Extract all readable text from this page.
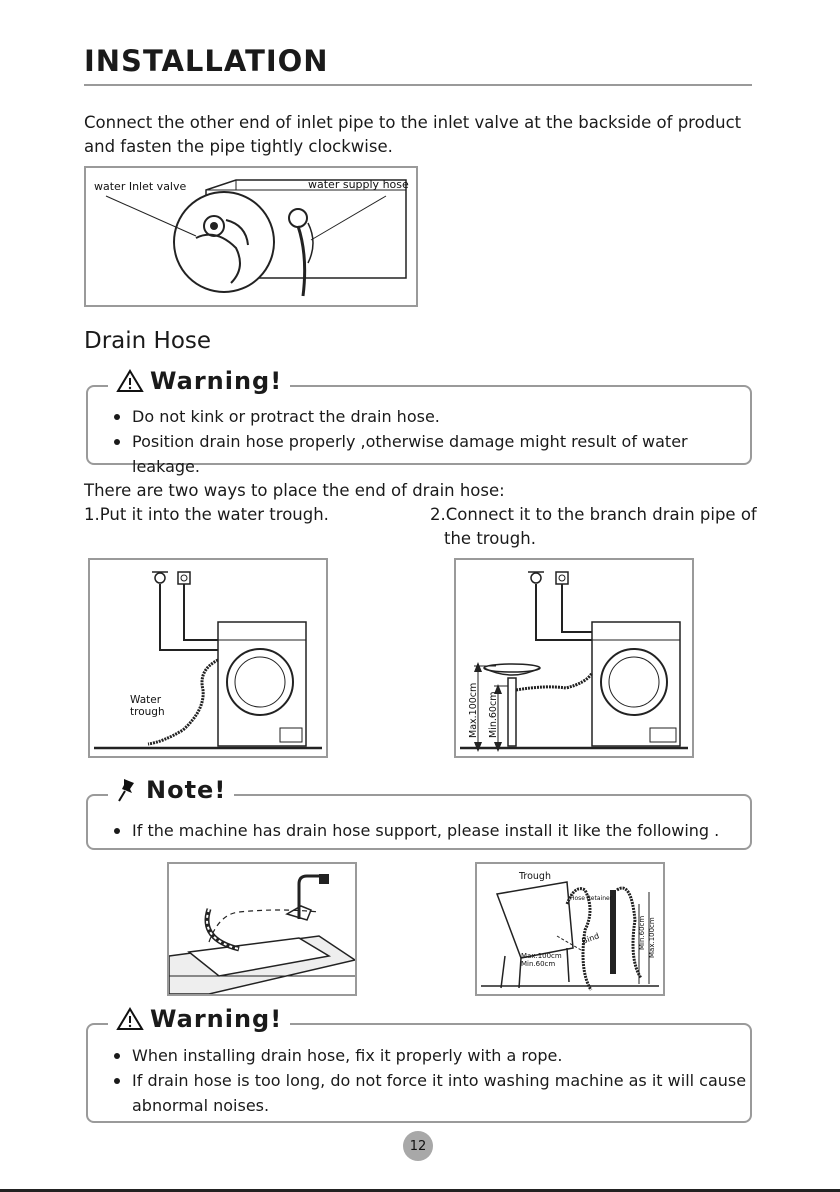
INSTALLATION
Connect the other end of inlet pipe to the inlet valve at the backside of product
and fasten the pipe tightly clockwise.
water Inlet valve	water supply hose
Drain Hose
Warning!
Do not kink or protract the drain hose.
Position drain hose properly ,otherwise damage might result of water leakage.
There are two ways to place the end of drain hose:
1.Put it into the water trough.	2.Connect it to the branch drain pipe of
the trough.
Water
trough	Max.100cm Min.60cm
Note!
If the machine has drain hose support, please install it like the following .
Trough
Hose Retainer
Bind
Max.100cm
Min.60cm
Min.60cm Max.100cm
Warning!
When installing drain hose, fix it properly with a rope.
If drain hose is too long, do not force it into washing machine as it will cause
abnormal noises.
12
